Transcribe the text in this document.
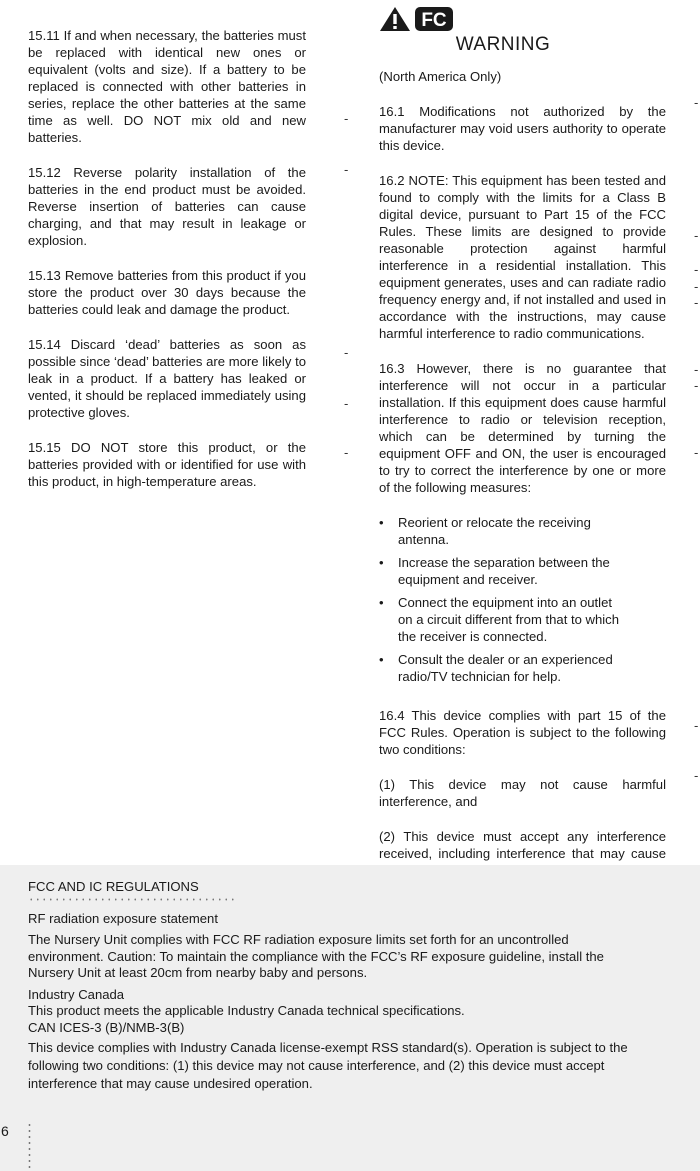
15.11 If and when necessary, the batteries must be replaced with identical new ones or equivalent (volts and size). If a battery to be replaced is connected with other batteries in series, replace the other batteries at the same time as well. DO NOT mix old and new batteries.

15.12 Reverse polarity installation of the batteries in the end product must be avoided. Reverse insertion of batteries can cause charging, and that may result in leakage or explosion.

15.13 Remove batteries from this product if you store the product over 30 days because the batteries could leak and damage the product.

15.14 Discard ‘dead’ batteries as soon as possible since ‘dead’ batteries are more likely to leak in a product. If a battery has leaked or vented, it should be replaced immediately using protective gloves.

15.15 DO NOT store this product, or the batteries provided with or identified for use with this product, in high-temperature areas.

-
-
-
-
-
-
-
-
-
-
-
-
-
-
-
FC
WARNING

(North America Only)

16.1 Modifications not authorized by the manufacturer may void users authority to operate this device.

16.2 NOTE: This equipment has been tested and found to comply with the limits for a Class B digital device, pursuant to Part 15 of the FCC Rules. These limits are designed to provide reasonable protection against harmful interference in a residential installation. This equipment generates, uses and can radiate radio frequency energy and, if not installed and used in accordance with the instructions, may cause harmful interference to radio communications.

16.3 However, there is no guarantee that interference will not occur in a particular installation. If this equipment does cause harmful interference to radio or television reception, which can be determined by turning the equipment OFF and ON, the user is encouraged to try to correct the interference by one or more of the following measures:

• Reorient or relocate the receiving antenna.
• Increase the separation between the equipment and receiver.
• Connect the equipment into an outlet on a circuit different from that to which the receiver is connected.
• Consult the dealer or an experienced radio/TV technician for help.

16.4 This device complies with part 15 of the FCC Rules. Operation is subject to the following two conditions:

(1) This device may not cause harmful interference, and

(2) This device must accept any interference received, including interference that may cause

FCC AND IC REGULATIONS

RF radiation exposure statement

The Nursery Unit complies with FCC RF radiation exposure limits set forth for an uncontrolled environment. Caution: To maintain the compliance with the FCC’s RF exposure guideline, install the Nursery Unit at least 20cm from nearby baby and persons.

Industry Canada

This product meets the applicable Industry Canada technical specifications.

CAN ICES-3 (B)/NMB-3(B)

This device complies with Industry Canada license-exempt RSS standard(s). Operation is subject to the following two conditions: (1) this device may not cause interference, and (2) this device must accept interference that may cause undesired operation.

6
